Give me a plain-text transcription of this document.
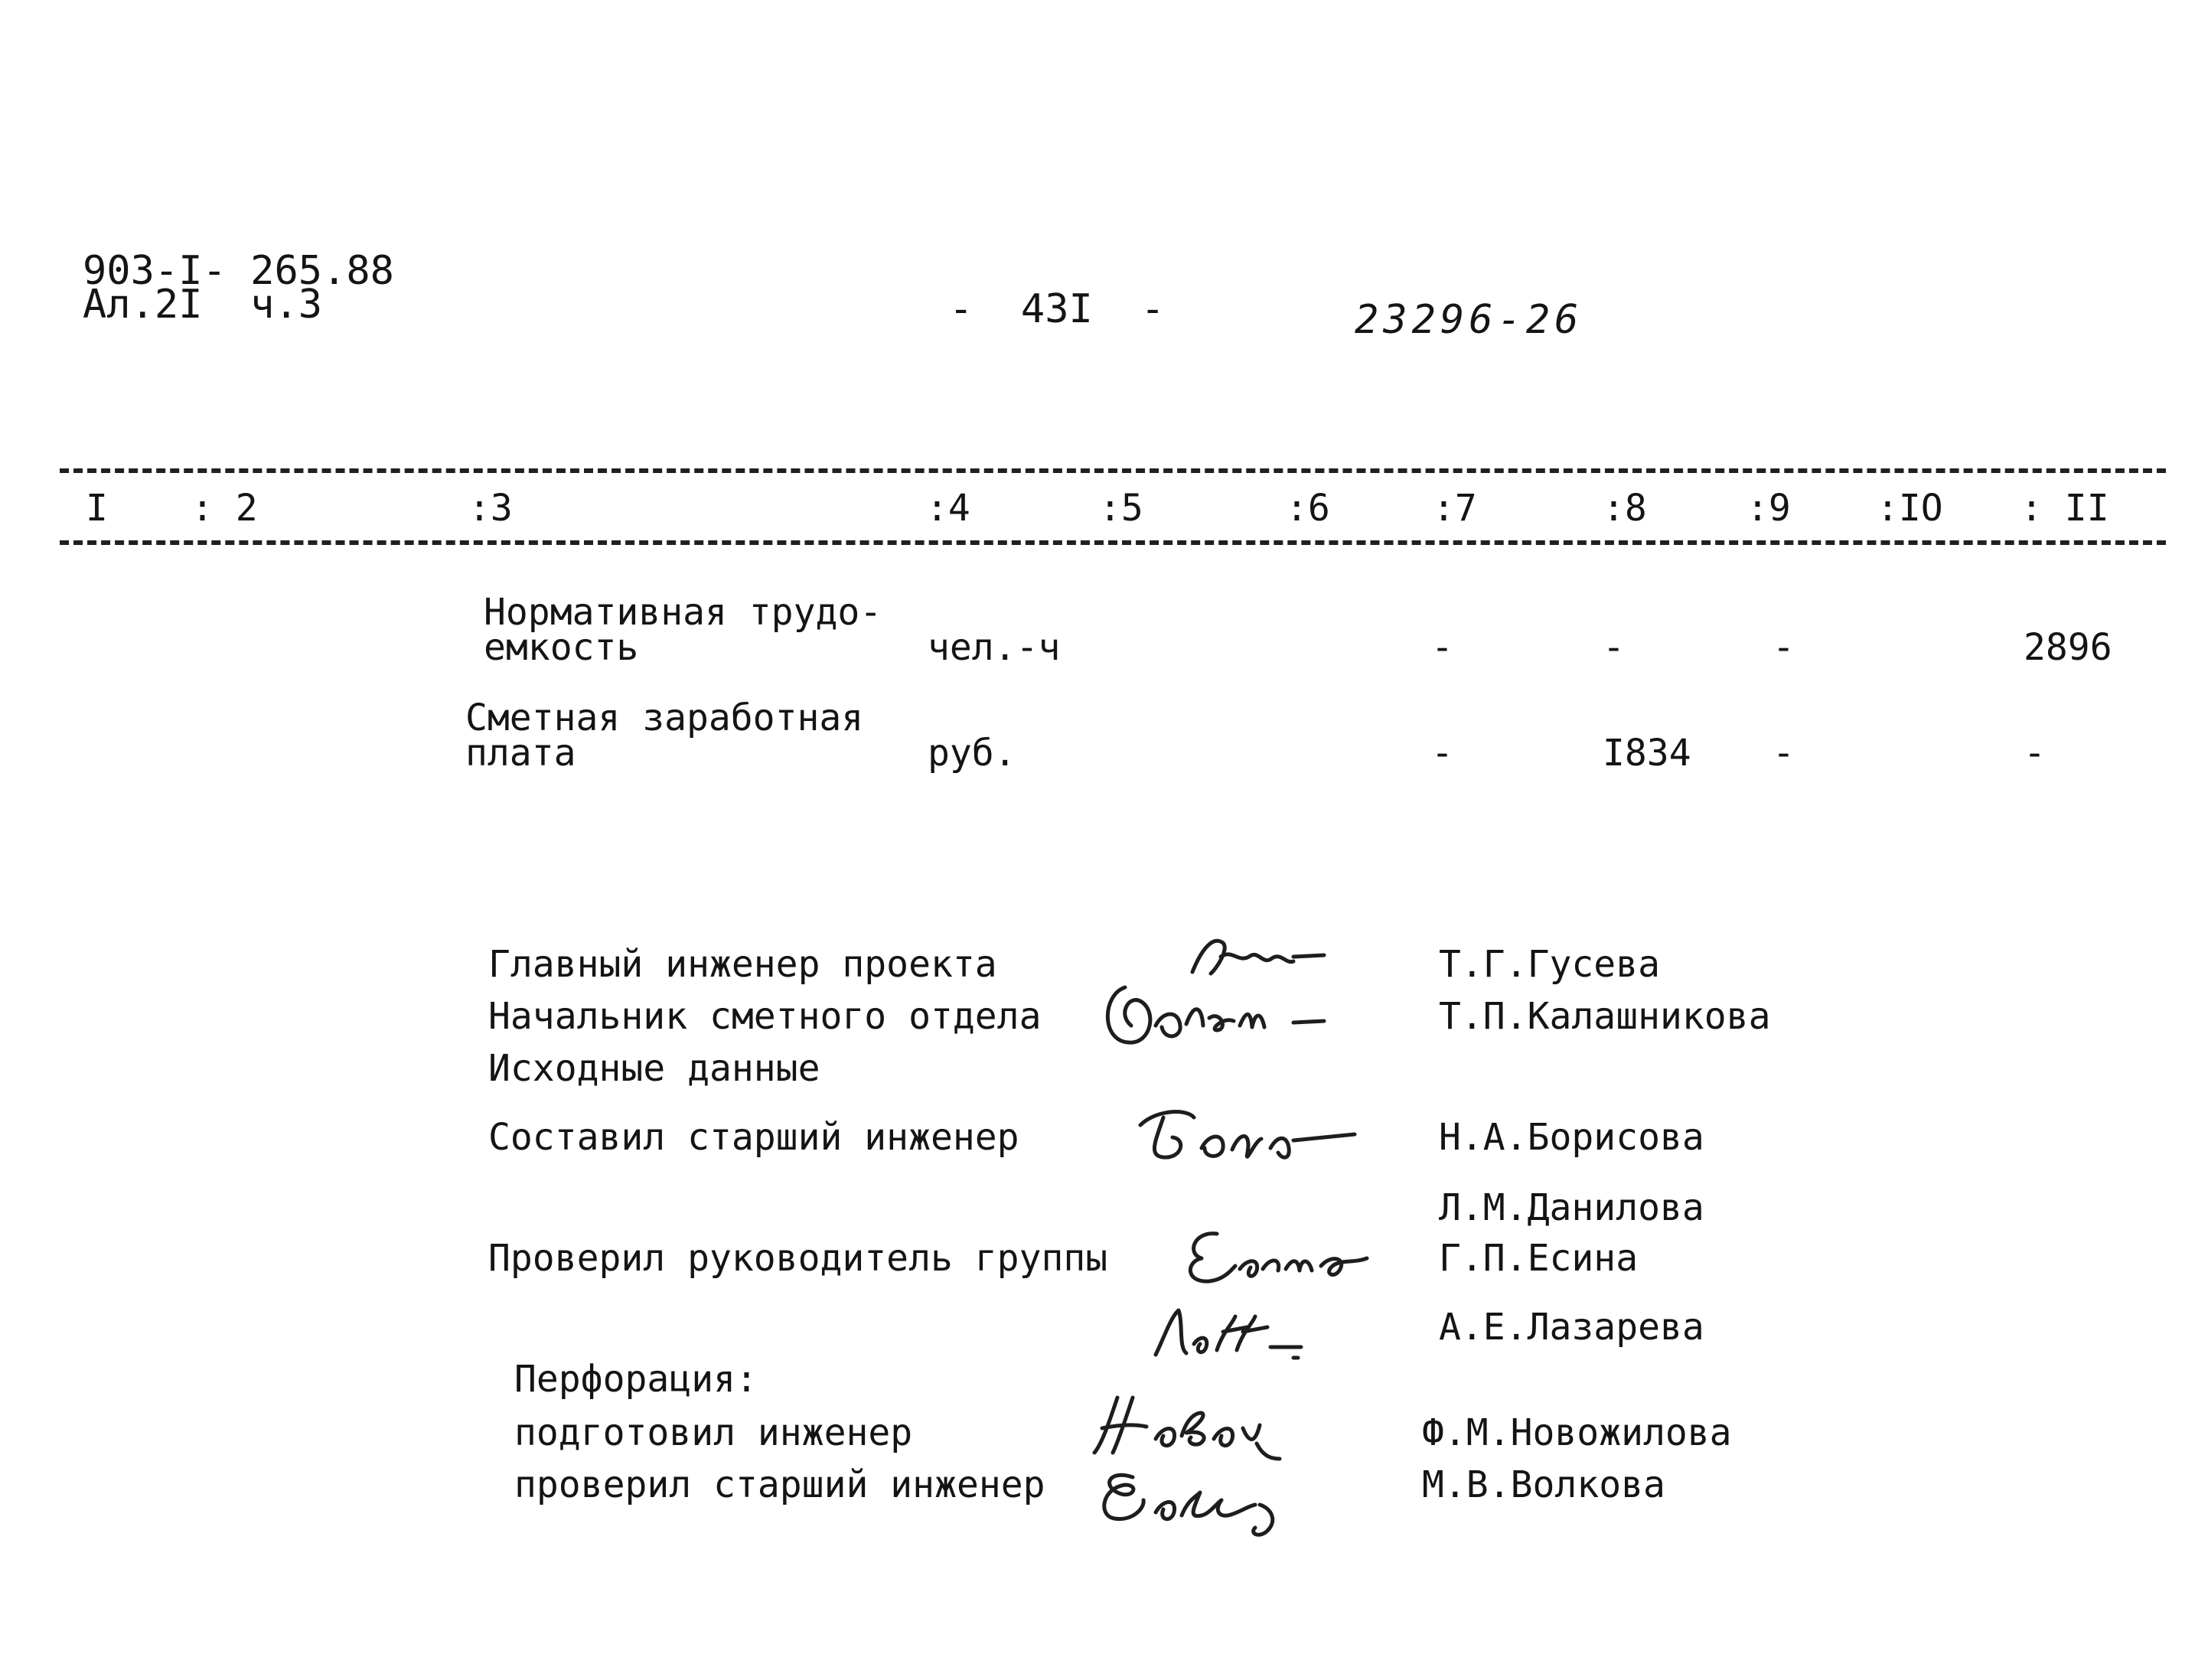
903-I- 265.88
Ал.2I  ч.3	-  43I  -	23296-26
I : 2	:3	:4	:5	:6	:7	:8	:9 :IO : II
Нормативная трудо-
емкость	чел.-ч	-	-	-	2896
Сметная заработная
плата	руб.	-	I834 -	-
Главный инженер проекта	Т.Г.Гусева
Начальник сметного отдела	Т.П.Калашникова
Исходные данные
Составил старший инженер	Н.А.Борисова
Л.М.Данилова
Проверил руководитель группы	Г.П.Есина
А.Е.Лазарева
Перфорация:
подготовил инженер	Ф.М.Новожилова
проверил старший инженер	М.В.Волкова
